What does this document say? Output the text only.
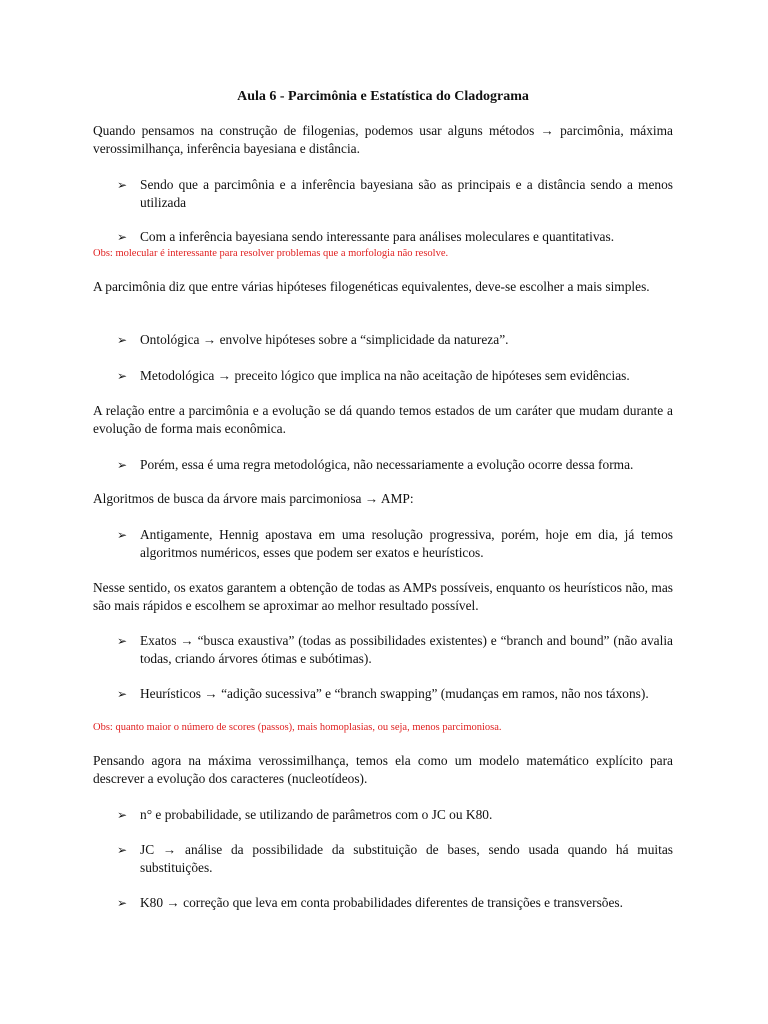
Aula 6 - Parcimônia e Estatística do Cladograma
Quando pensamos na construção de filogenias, podemos usar alguns métodos → parcimônia, máxima verossimilhança, inferência bayesiana e distância.
➢ Sendo que a parcimônia e a inferência bayesiana são as principais e a distância sendo a menos utilizada
➢ Com a inferência bayesiana sendo interessante para análises moleculares e quantitativas.
Obs: molecular é interessante para resolver problemas que a morfologia não resolve.
A parcimônia diz que entre várias hipóteses filogenéticas equivalentes, deve-se escolher a mais simples.
➢ Ontológica → envolve hipóteses sobre a “simplicidade da natureza”.
➢ Metodológica → preceito lógico que implica na não aceitação de hipóteses sem evidências.
A relação entre a parcimônia e a evolução se dá quando temos estados de um caráter que mudam durante a evolução de forma mais econômica.
➢ Porém, essa é uma regra metodológica, não necessariamente a evolução ocorre dessa forma.
Algoritmos de busca da árvore mais parcimoniosa → AMP:
➢ Antigamente, Hennig apostava em uma resolução progressiva, porém, hoje em dia, já temos algoritmos numéricos, esses que podem ser exatos e heurísticos.
Nesse sentido, os exatos garantem a obtenção de todas as AMPs possíveis, enquanto os heurísticos não, mas são mais rápidos e escolhem se aproximar ao melhor resultado possível.
➢ Exatos → “busca exaustiva” (todas as possibilidades existentes) e “branch and bound” (não avalia todas, criando árvores ótimas e subótimas).
➢ Heurísticos → “adição sucessiva” e “branch swapping” (mudanças em ramos, não nos táxons).
Obs: quanto maior o número de scores (passos), mais homoplasias, ou seja, menos parcimoniosa.
Pensando agora na máxima verossimilhança, temos ela como um modelo matemático explícito para descrever a evolução dos caracteres (nucleotídeos).
➢ n° e probabilidade, se utilizando de parâmetros com o JC ou K80.
➢ JC → análise da possibilidade da substituição de bases, sendo usada quando há muitas substituições.
➢ K80 → correção que leva em conta probabilidades diferentes de transições e transversões.
